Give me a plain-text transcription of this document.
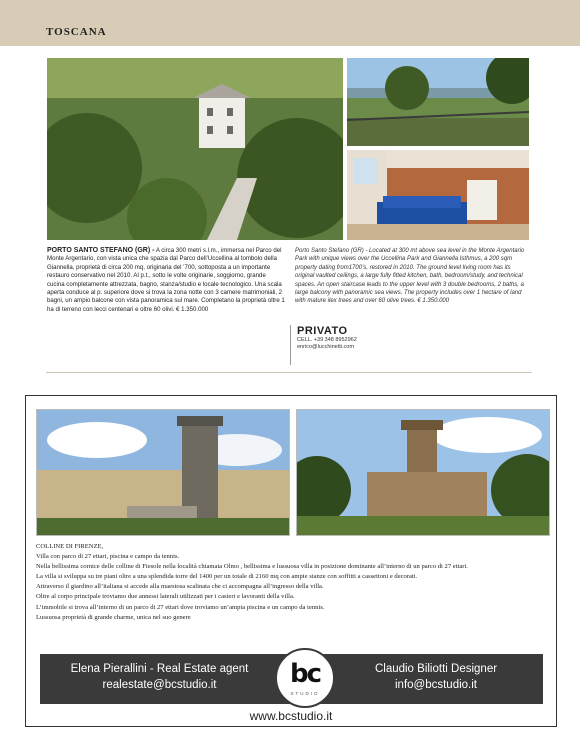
TOSCANA
PORTO SANTO STEFANO (GR) - A circa 300 metri s.l.m., immersa nel Parco del Monte Argentario, con vista unica che spazia dal Parco dell’Uccellina al tombolo della Giannella, proprietà di circa 200 mq, originaria del ’700, sottoposta a un importante restauro conservativo nel 2010. Al p.t., sotto le volte originarie, soggiorno, grande cucina completamente attrezzata, bagno, stanza/studio e locale tecnologico. Una scala aperta conduce al p. superiore dove si trova la zona notte con 3 camere matrimoniali, 2 bagni, un ampio balcone con vista panoramica sul mare. Completano la proprietà oltre 1 ha di terreno con lecci centenari e oltre 60 olivi. € 1.350.000
Porto Santo Stefano (GR) - Located at 300 mt above sea level in the Monte Argentario Park with unique views over the Uccellina Park and Giannella Isthmus, a 200 sqm property dating from1700’s, restored in 2010. The ground level living room has its original vaulted ceilings, a large fully fitted kitchen, bath, bedroom/study, and technical spaces. An open staircase leads to the upper level with 3 double bedrooms, 2 baths, a large balcony with panoramic sea views. The property includes over 1 hectare of land with mature ilex trees and over 60 olive trees. € 1.350.000
PRIVATO
CELL. +39 348 8952962
enrico@lucchinetti.com

COLLINE DI FIRENZE,

Villa con parco di 27 ettari, piscina e campo da tennis.

Nella bellissima cornice delle colline di Fiesole nella località chiamata Olmo , bellissima e lussuosa villa in posizione dominante all’interno di un parco di 27 ettari.

La villa si sviluppa su tre piani oltre a una splendida torre del 1400 per un totale di 2160 mq con ampie stanze con soffitti a cassettoni e decorati.

Attraverso il giardino all’italiana si accede alla maestosa scalinata che ci accompagna all’ingresso della villa.

Oltre al corpo principale troviamo due annessi laterali utilizzati per i casieri e lavoranti della villa.

L’immobile si trova all’interno di un parco di 27 ettari dove troviamo un’ampia piscina e un campo da tennis.

Lussuosa proprietà di grande charme, unica nel suo genere

Elena Pierallini - Real Estate agent
realestate@bcstudio.it	bc
STUDIO
Claudio Biliotti Designer
info@bcstudio.it
www.bcstudio.it
